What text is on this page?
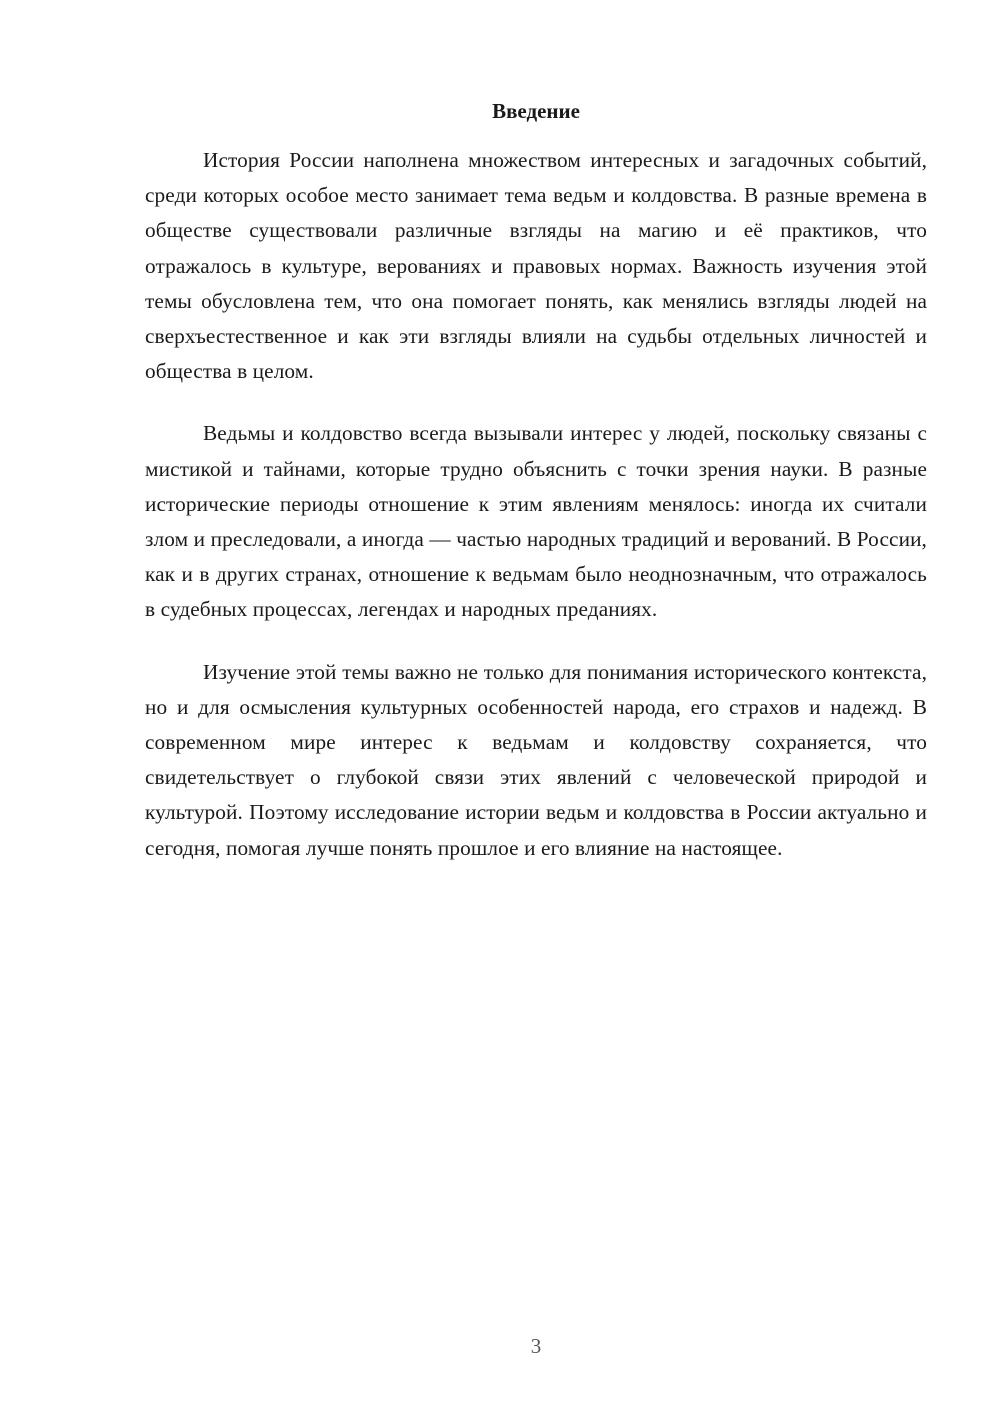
Введение

История России наполнена множеством интересных и загадочных событий, среди которых особое место занимает тема ведьм и колдовства. В разные времена в обществе существовали различные взгляды на магию и её практиков, что отражалось в культуре, верованиях и правовых нормах. Важность изучения этой темы обусловлена тем, что она помогает понять, как менялись взгляды людей на сверхъестественное и как эти взгляды влияли на судьбы отдельных личностей и общества в целом.

Ведьмы и колдовство всегда вызывали интерес у людей, поскольку связаны с мистикой и тайнами, которые трудно объяснить с точки зрения науки. В разные исторические периоды отношение к этим явлениям менялось: иногда их считали злом и преследовали, а иногда — частью народных традиций и верований. В России, как и в других странах, отношение к ведьмам было неоднозначным, что отражалось в судебных процессах, легендах и народных преданиях.

Изучение этой темы важно не только для понимания исторического контекста, но и для осмысления культурных особенностей народа, его страхов и надежд. В современном мире интерес к ведьмам и колдовству сохраняется, что свидетельствует о глубокой связи этих явлений с человеческой природой и культурой. Поэтому исследование истории ведьм и колдовства в России актуально и сегодня, помогая лучше понять прошлое и его влияние на настоящее.

3
